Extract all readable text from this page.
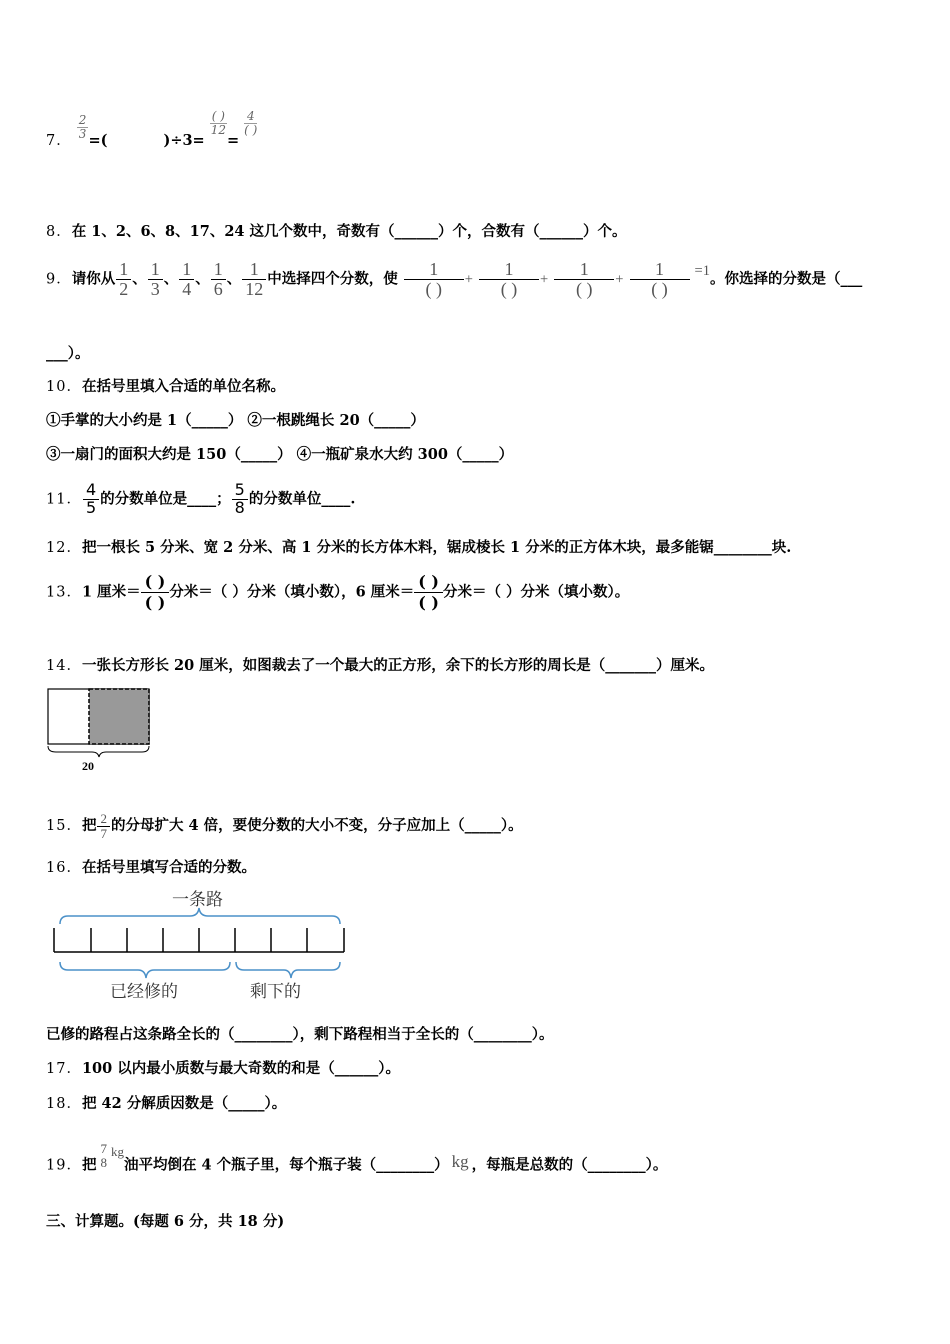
7．
$\frac{2}{3}$
=(	)÷3=
( )
12
=
4
( )
8．在 1、2、6、8、17、24 这几个数中，奇数有（______）个，合数有（______）个。
9．请你从 $\frac{1}{2}$ 、 $\frac{1}{3}$ 、 $\frac{1}{4}$ 、 $\frac{1}{6}$ 、 $\frac{1}{12}$ 中选择四个分数，使 $\frac{1}{( )} + \frac{1}{( )} + \frac{1}{( )} + \frac{1}{( )} =1$。你选择的分数是（___
___）。
10．在括号里填入合适的单位名称。
①手掌的大小约是 1（_____） ②一根跳绳长 20（_____）
③一扇门的面积大约是 150（_____） ④一瓶矿泉水大约 300（_____）
11． $\frac{4}{5}$ 的分数单位是____； $\frac{5}{8}$ 的分数单位____.
12．把一根长 5 分米、宽 2 分米、高 1 分米的长方体木料，锯成棱长 1 分米的正方体木块，最多能锯________块.
13．1 厘米＝ $\frac{( )}{( )}$ 分米＝（ ）分米（填小数），6 厘米＝ $\frac{( )}{( )}$ 分米＝（ ）分米（填小数）。
14．一张长方形长 20 厘米，如图裁去了一个最大的正方形，余下的长方形的周长是（_______）厘米。
20
15．把 $\frac{2}{7}$ 的分母扩大 4 倍，要使分数的大小不变，分子应加上（_____）。
16．在括号里填写合适的分数。
一条路
已经修的	剩下的
已修的路程占这条路全长的（________），剩下路程相当于全长的（________）。
17．100 以内最小质数与最大奇数的和是（______）。
18．把 42 分解质因数是（_____）。
19．把
7
8
kg油平均倒在 4 个瓶子里，每个瓶子装（________） kg ，每瓶是总数的（________）。
三、计算题。(每题 6 分，共 18 分)
